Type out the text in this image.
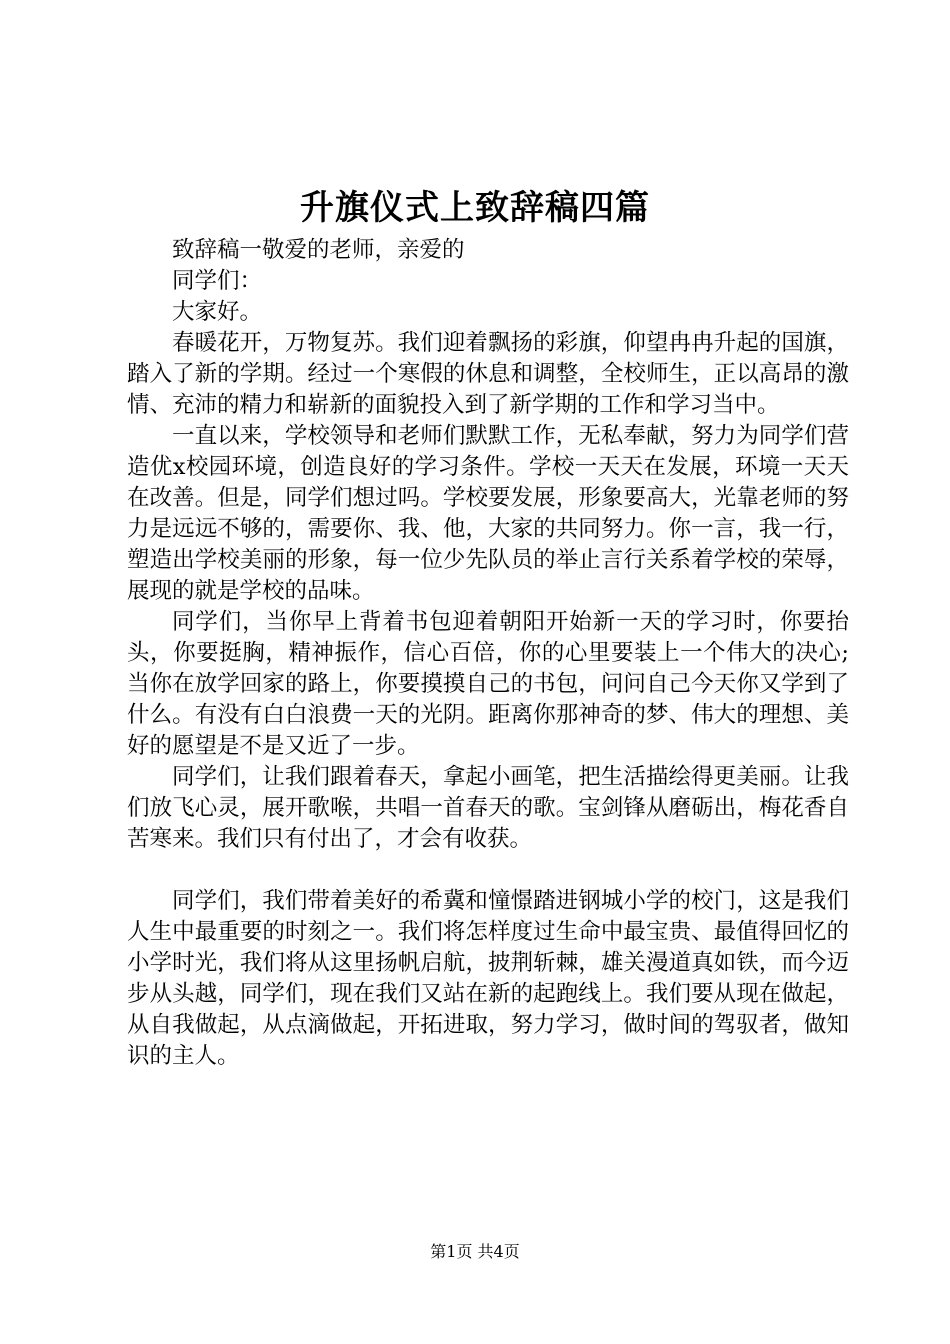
升旗仪式上致辞稿四篇

致辞稿一敬爱的老师，亲爱的

同学们：

大家好。

春暖花开，万物复苏。我们迎着飘扬的彩旗，仰望冉冉升起的国旗，踏入了新的学期。经过一个寒假的休息和调整，全校师生，正以高昂的激情、充沛的精力和崭新的面貌投入到了新学期的工作和学习当中。

一直以来，学校领导和老师们默默工作，无私奉献，努力为同学们营造优x校园环境，创造良好的学习条件。学校一天天在发展，环境一天天在改善。但是，同学们想过吗。学校要发展，形象要高大，光靠老师的努力是远远不够的，需要你、我、他，大家的共同努力。你一言，我一行，塑造出学校美丽的形象，每一位少先队员的举止言行关系着学校的荣辱，展现的就是学校的品味。

同学们，当你早上背着书包迎着朝阳开始新一天的学习时，你要抬头，你要挺胸，精神振作，信心百倍，你的心里要装上一个伟大的决心;当你在放学回家的路上，你要摸摸自己的书包，问问自己今天你又学到了什么。有没有白白浪费一天的光阴。距离你那神奇的梦、伟大的理想、美好的愿望是不是又近了一步。

同学们，让我们跟着春天，拿起小画笔，把生活描绘得更美丽。让我们放飞心灵，展开歌喉，共唱一首春天的歌。宝剑锋从磨砺出，梅花香自苦寒来。我们只有付出了，才会有收获。

同学们，我们带着美好的希冀和憧憬踏进钢城小学的校门，这是我们人生中最重要的时刻之一。我们将怎样度过生命中最宝贵、最值得回忆的小学时光，我们将从这里扬帆启航，披荆斩棘，雄关漫道真如铁，而今迈步从头越，同学们，现在我们又站在新的起跑线上。我们要从现在做起，从自我做起，从点滴做起，开拓进取，努力学习，做时间的驾驭者，做知识的主人。

第1页 共4页
